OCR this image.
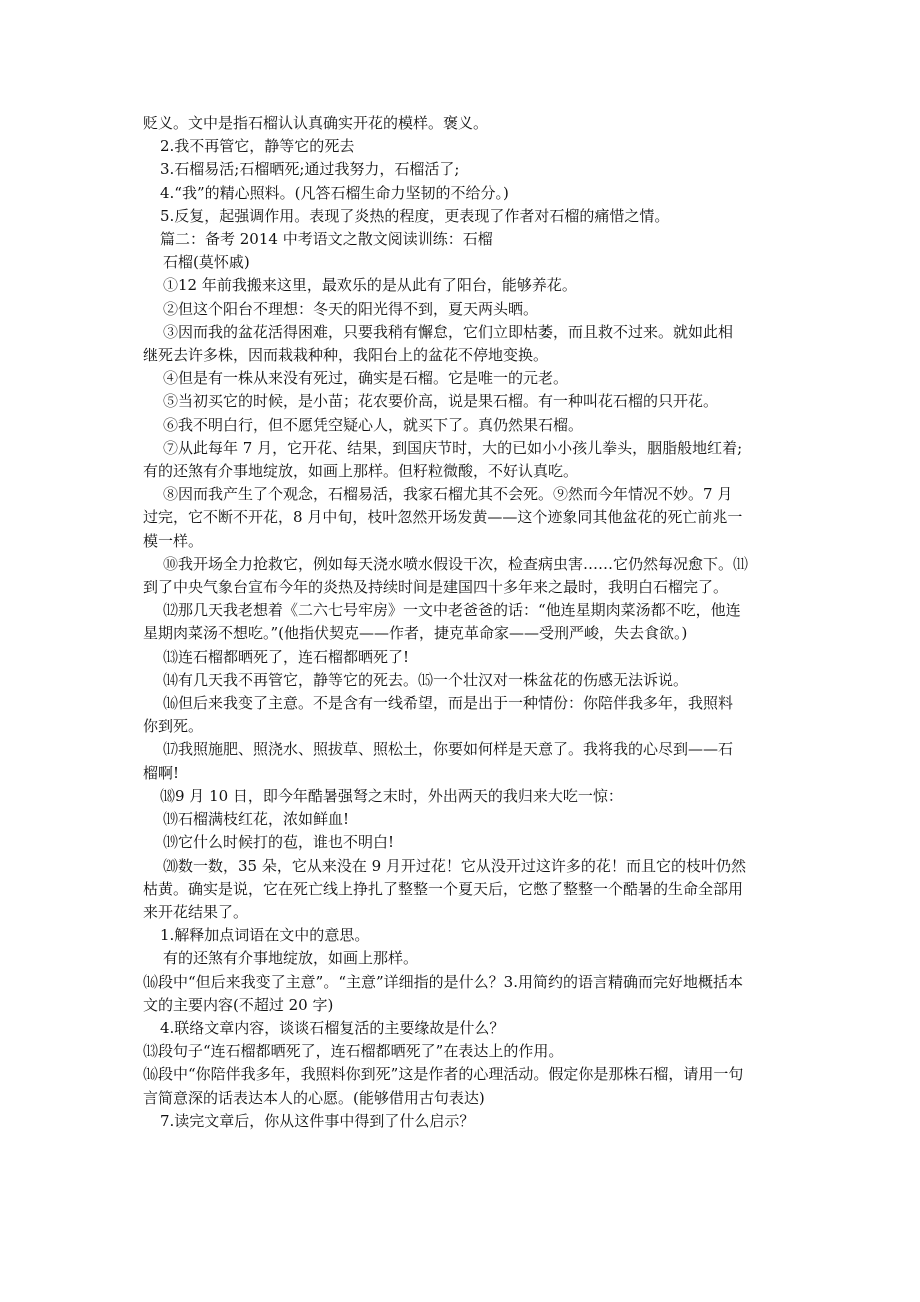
贬义。文中是指石榴认认真确实开花的模样。褒义。
2.我不再管它，静等它的死去
3.石榴易活;石榴晒死;通过我努力，石榴活了;
4.“我”的精心照料。(凡答石榴生命力坚韧的不给分。)
5.反复，起强调作用。表现了炎热的程度，更表现了作者对石榴的痛惜之情。
篇二：备考 2014 中考语文之散文阅读训练：石榴
石榴(莫怀戚)
①12 年前我搬来这里，最欢乐的是从此有了阳台，能够养花。
②但这个阳台不理想：冬天的阳光得不到，夏天两头晒。
③因而我的盆花活得困难，只要我稍有懈怠，它们立即枯萎，而且救不过来。就如此相
继死去许多株，因而栽栽种种，我阳台上的盆花不停地变换。
④但是有一株从来没有死过，确实是石榴。它是唯一的元老。
⑤当初买它的时候，是小苗；花农要价高，说是果石榴。有一种叫花石榴的只开花。
⑥我不明白行，但不愿凭空疑心人，就买下了。真仍然果石榴。
⑦从此每年 7 月，它开花、结果，到国庆节时，大的已如小小孩儿拳头，胭脂般地红着;
有的还煞有介事地绽放，如画上那样。但籽粒微酸，不好认真吃。
⑧因而我产生了个观念，石榴易活，我家石榴尤其不会死。⑨然而今年情况不妙。7 月
过完，它不断不开花，8 月中旬，枝叶忽然开场发黄——这个迹象同其他盆花的死亡前兆一
模一样。
⑩我开场全力抢救它，例如每天浇水喷水假设干次，检查病虫害……它仍然每况愈下。⑾
到了中央气象台宣布今年的炎热及持续时间是建国四十多年来之最时，我明白石榴完了。
⑿那几天我老想着《二六七号牢房》一文中老爸爸的话：“他连星期肉菜汤都不吃，他连
星期肉菜汤不想吃。”(他指伏契克——作者，捷克革命家——受刑严峻，失去食欲。)
⒀连石榴都晒死了，连石榴都晒死了!
⒁有几天我不再管它，静等它的死去。⒂一个壮汉对一株盆花的伤感无法诉说。
⒃但后来我变了主意。不是含有一线希望，而是出于一种情份：你陪伴我多年，我照料
你到死。
⒄我照施肥、照浇水、照拔草、照松土，你要如何样是天意了。我将我的心尽到——石
榴啊!
⒅9 月 10 日，即今年酷暑强弩之末时，外出两天的我归来大吃一惊：
⒆石榴满枝红花，浓如鲜血!
⒆它什么时候打的苞，谁也不明白!
⒇数一数，35 朵，它从来没在 9 月开过花！它从没开过这许多的花！而且它的枝叶仍然
枯黄。确实是说，它在死亡线上挣扎了整整一个夏天后，它憋了整整一个酷暑的生命全部用
来开花结果了。
1.解释加点词语在文中的意思。
有的还煞有介事地绽放，如画上那样。
⒃段中“但后来我变了主意”。“主意”详细指的是什么？3.用简约的语言精确而完好地概括本
文的主要内容(不超过 20 字)
4.联络文章内容，谈谈石榴复活的主要缘故是什么？
⒀段句子“连石榴都晒死了，连石榴都晒死了”在表达上的作用。
⒃段中“你陪伴我多年，我照料你到死”这是作者的心理活动。假定你是那株石榴，请用一句
言简意深的话表达本人的心愿。(能够借用古句表达)
7.读完文章后，你从这件事中得到了什么启示？
